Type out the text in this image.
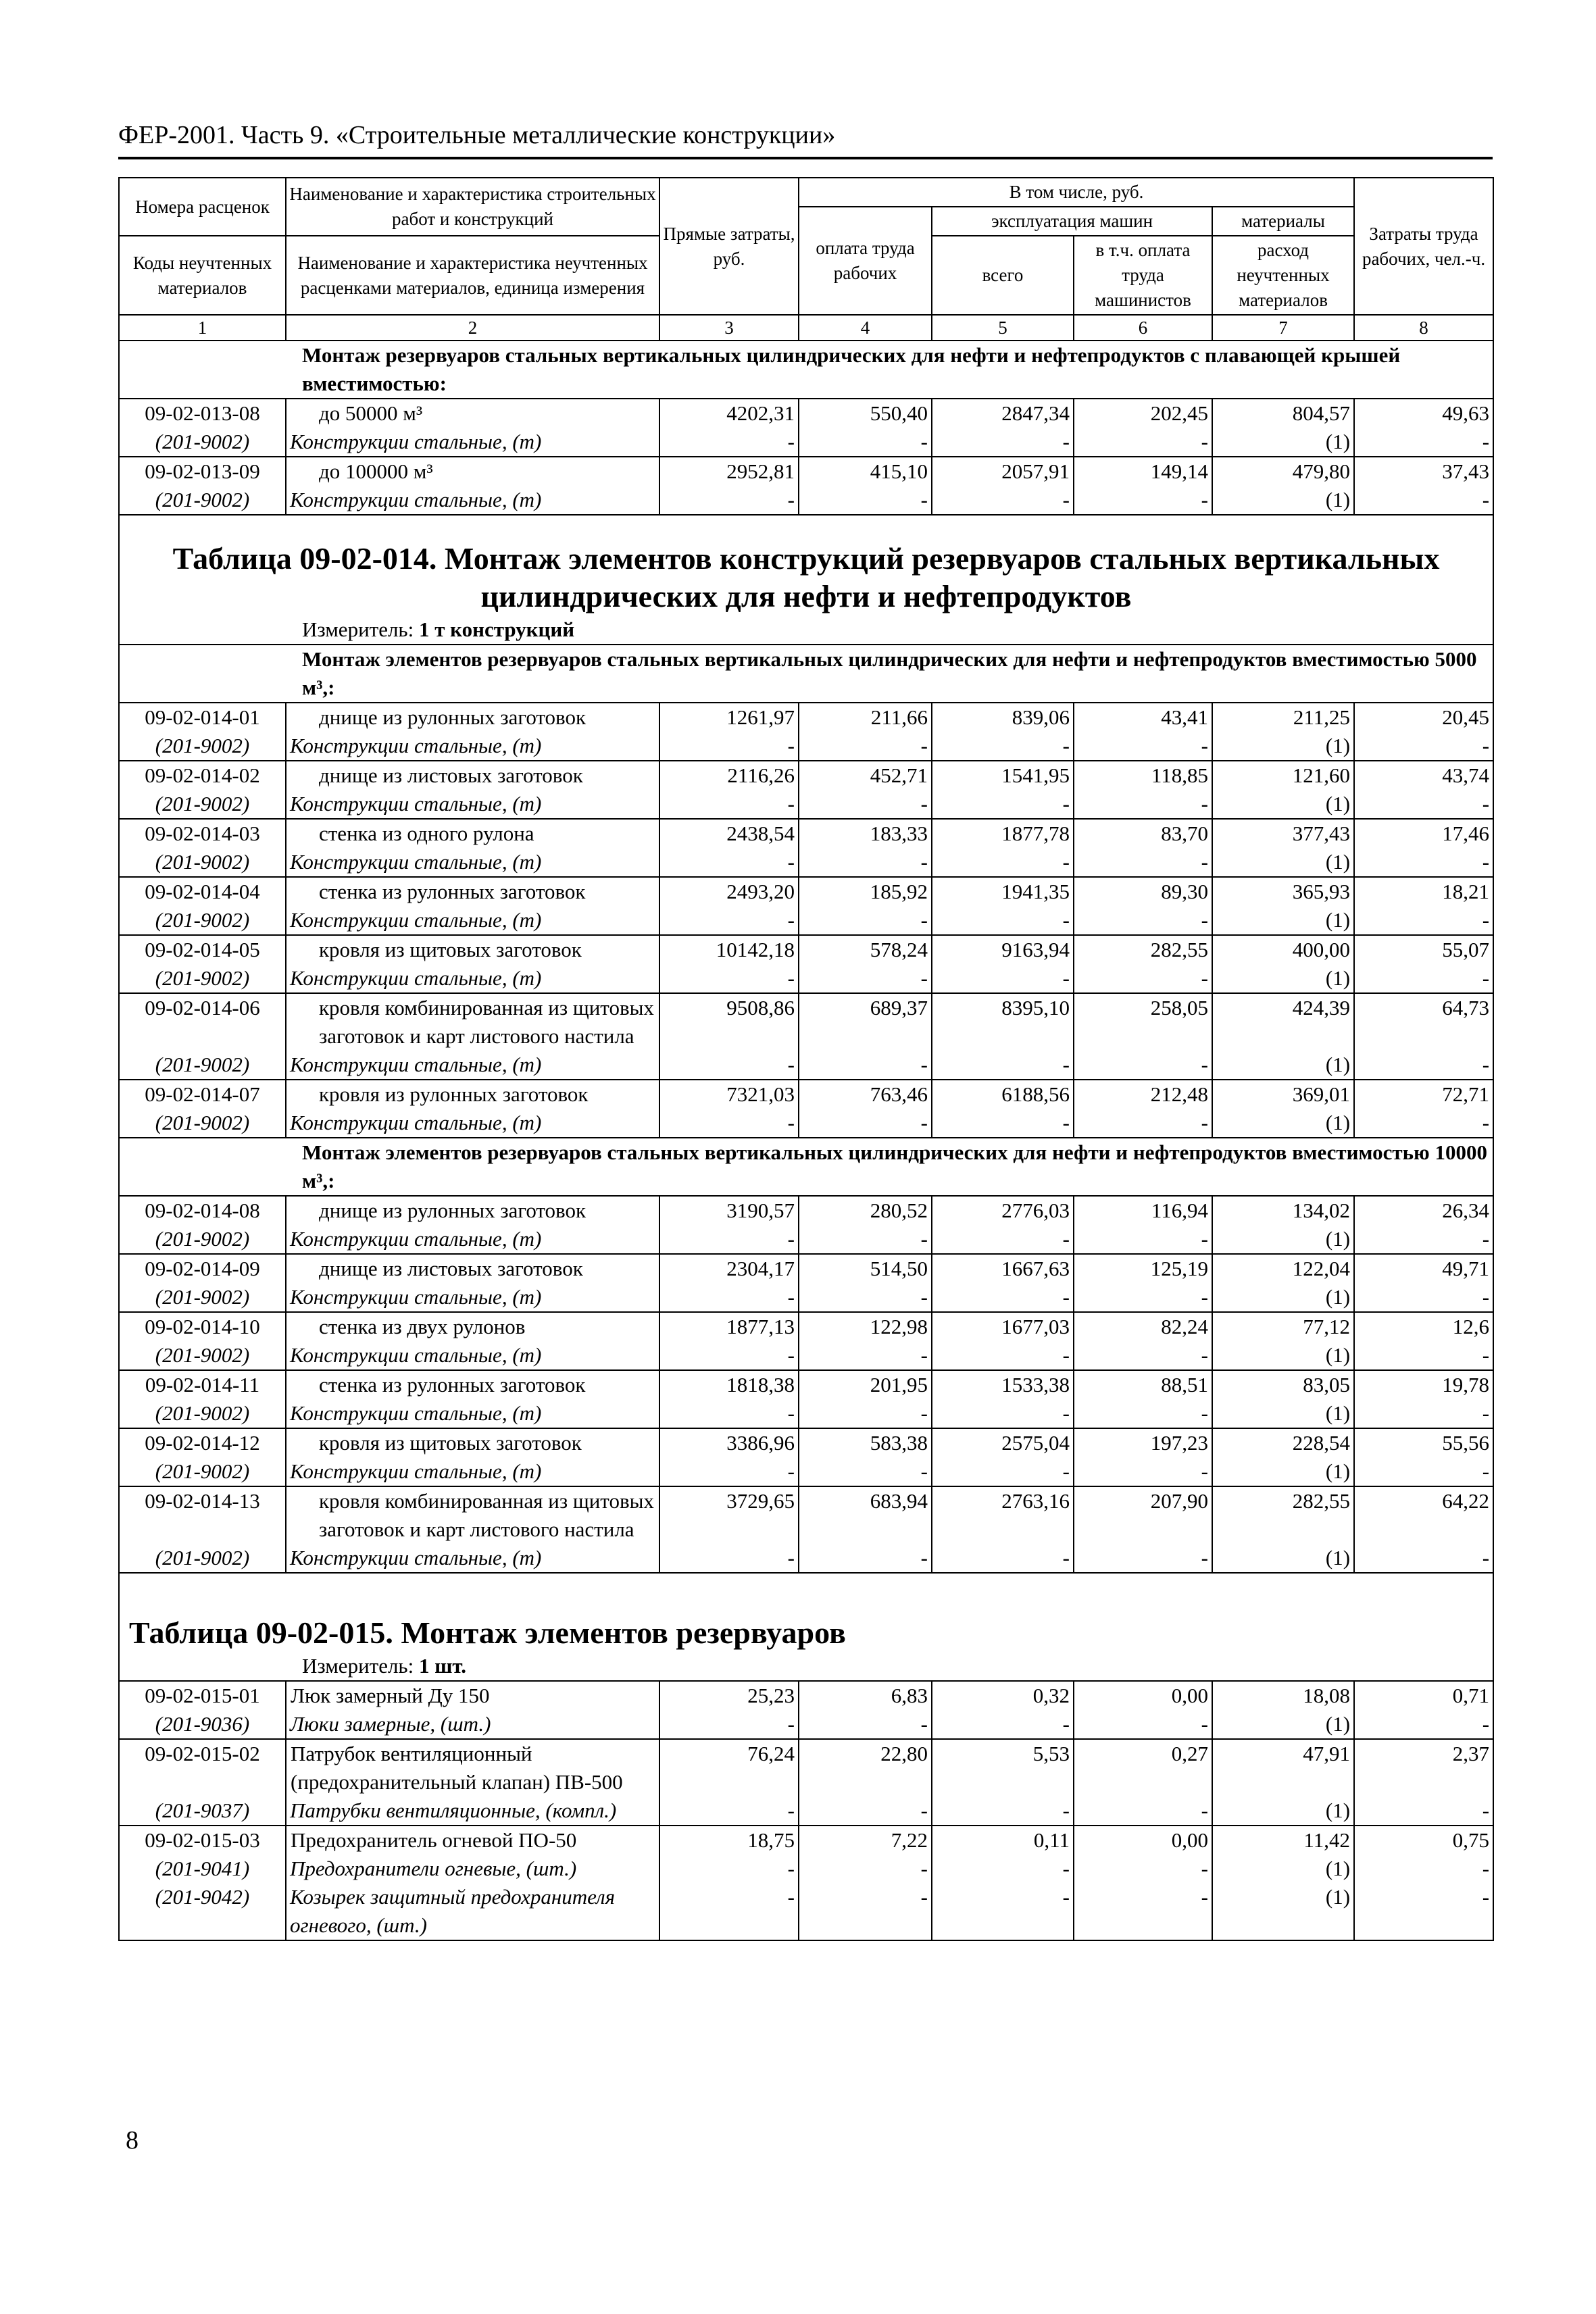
ФЕР-2001. Часть 9. «Строительные металлические конструкции»
Номера расценок	Наименование и характеристика строительных работ и конструкций	Прямые затраты, руб.	В том числе, руб.				Затраты труда рабочих, чел.-ч.
			оплата труда рабочих	эксплуатация машин		материалы	
Коды неучтенных материалов	Наименование и характеристика неучтенных расценками материалов, единица измерения			всего	в т.ч. оплата труда машинистов	расход неучтенных материалов	
1	2	3	4	5	6	7	8
Монтаж резервуаров стальных вертикальных цилиндрических для нефти и нефтепродуктов с плавающей крышей вместимостью:							
09-02-013-08	до 50000 м³	4202,31	550,40	2847,34	202,45	804,57	49,63
(201-9002)	Конструкции стальные, (т)	-	-	-	-	(1)	-
09-02-013-09	до 100000 м³	2952,81	415,10	2057,91	149,14	479,80	37,43
(201-9002)	Конструкции стальные, (т)	-	-	-	-	(1)	-
Таблица 09-02-014. Монтаж элементов конструкций резервуаров стальных вертикальных цилиндрических для нефти и нефтепродуктов							
Измеритель: 1 т конструкций							
Монтаж элементов резервуаров стальных вертикальных цилиндрических для нефти и нефтепродуктов вместимостью 5000 м³,:							
09-02-014-01	днище из рулонных заготовок	1261,97	211,66	839,06	43,41	211,25	20,45
(201-9002)	Конструкции стальные, (т)	-	-	-	-	(1)	-
09-02-014-02	днище из листовых заготовок	2116,26	452,71	1541,95	118,85	121,60	43,74
(201-9002)	Конструкции стальные, (т)	-	-	-	-	(1)	-
09-02-014-03	стенка из одного рулона	2438,54	183,33	1877,78	83,70	377,43	17,46
(201-9002)	Конструкции стальные, (т)	-	-	-	-	(1)	-
09-02-014-04	стенка из рулонных заготовок	2493,20	185,92	1941,35	89,30	365,93	18,21
(201-9002)	Конструкции стальные, (т)	-	-	-	-	(1)	-
09-02-014-05	кровля из щитовых заготовок	10142,18	578,24	9163,94	282,55	400,00	55,07
(201-9002)	Конструкции стальные, (т)	-	-	-	-	(1)	-
09-02-014-06	кровля комбинированная из щитовых заготовок и карт листового настила	9508,86	689,37	8395,10	258,05	424,39	64,73
(201-9002)	Конструкции стальные, (т)	-	-	-	-	(1)	-
09-02-014-07	кровля из рулонных заготовок	7321,03	763,46	6188,56	212,48	369,01	72,71
(201-9002)	Конструкции стальные, (т)	-	-	-	-	(1)	-
Монтаж элементов резервуаров стальных вертикальных цилиндрических для нефти и нефтепродуктов вместимостью 10000 м³,:							
09-02-014-08	днище из рулонных заготовок	3190,57	280,52	2776,03	116,94	134,02	26,34
(201-9002)	Конструкции стальные, (т)	-	-	-	-	(1)	-
09-02-014-09	днище из листовых заготовок	2304,17	514,50	1667,63	125,19	122,04	49,71
(201-9002)	Конструкции стальные, (т)	-	-	-	-	(1)	-
09-02-014-10	стенка из двух рулонов	1877,13	122,98	1677,03	82,24	77,12	12,6
(201-9002)	Конструкции стальные, (т)	-	-	-	-	(1)	-
09-02-014-11	стенка из рулонных заготовок	1818,38	201,95	1533,38	88,51	83,05	19,78
(201-9002)	Конструкции стальные, (т)	-	-	-	-	(1)	-
09-02-014-12	кровля из щитовых заготовок	3386,96	583,38	2575,04	197,23	228,54	55,56
(201-9002)	Конструкции стальные, (т)	-	-	-	-	(1)	-
09-02-014-13	кровля комбинированная из щитовых заготовок и карт листового настила	3729,65	683,94	2763,16	207,90	282,55	64,22
(201-9002)	Конструкции стальные, (т)	-	-	-	-	(1)	-
Таблица 09-02-015. Монтаж элементов резервуаров							
Измеритель: 1 шт.							
09-02-015-01	Люк замерный Ду 150	25,23	6,83	0,32	0,00	18,08	0,71
(201-9036)	Люки замерные, (шт.)	-	-	-	-	(1)	-
09-02-015-02	Патрубок вентиляционный (предохранительный клапан) ПВ-500	76,24	22,80	5,53	0,27	47,91	2,37
(201-9037)	Патрубки вентиляционные, (компл.)	-	-	-	-	(1)	-
09-02-015-03	Предохранитель огневой ПО-50	18,75	7,22	0,11	0,00	11,42	0,75
(201-9041)	Предохранители огневые, (шт.)	-	-	-	-	(1)	-
(201-9042)	Козырек защитный предохранителя огневого, (шт.)	-	-	-	-	(1)	-
8
